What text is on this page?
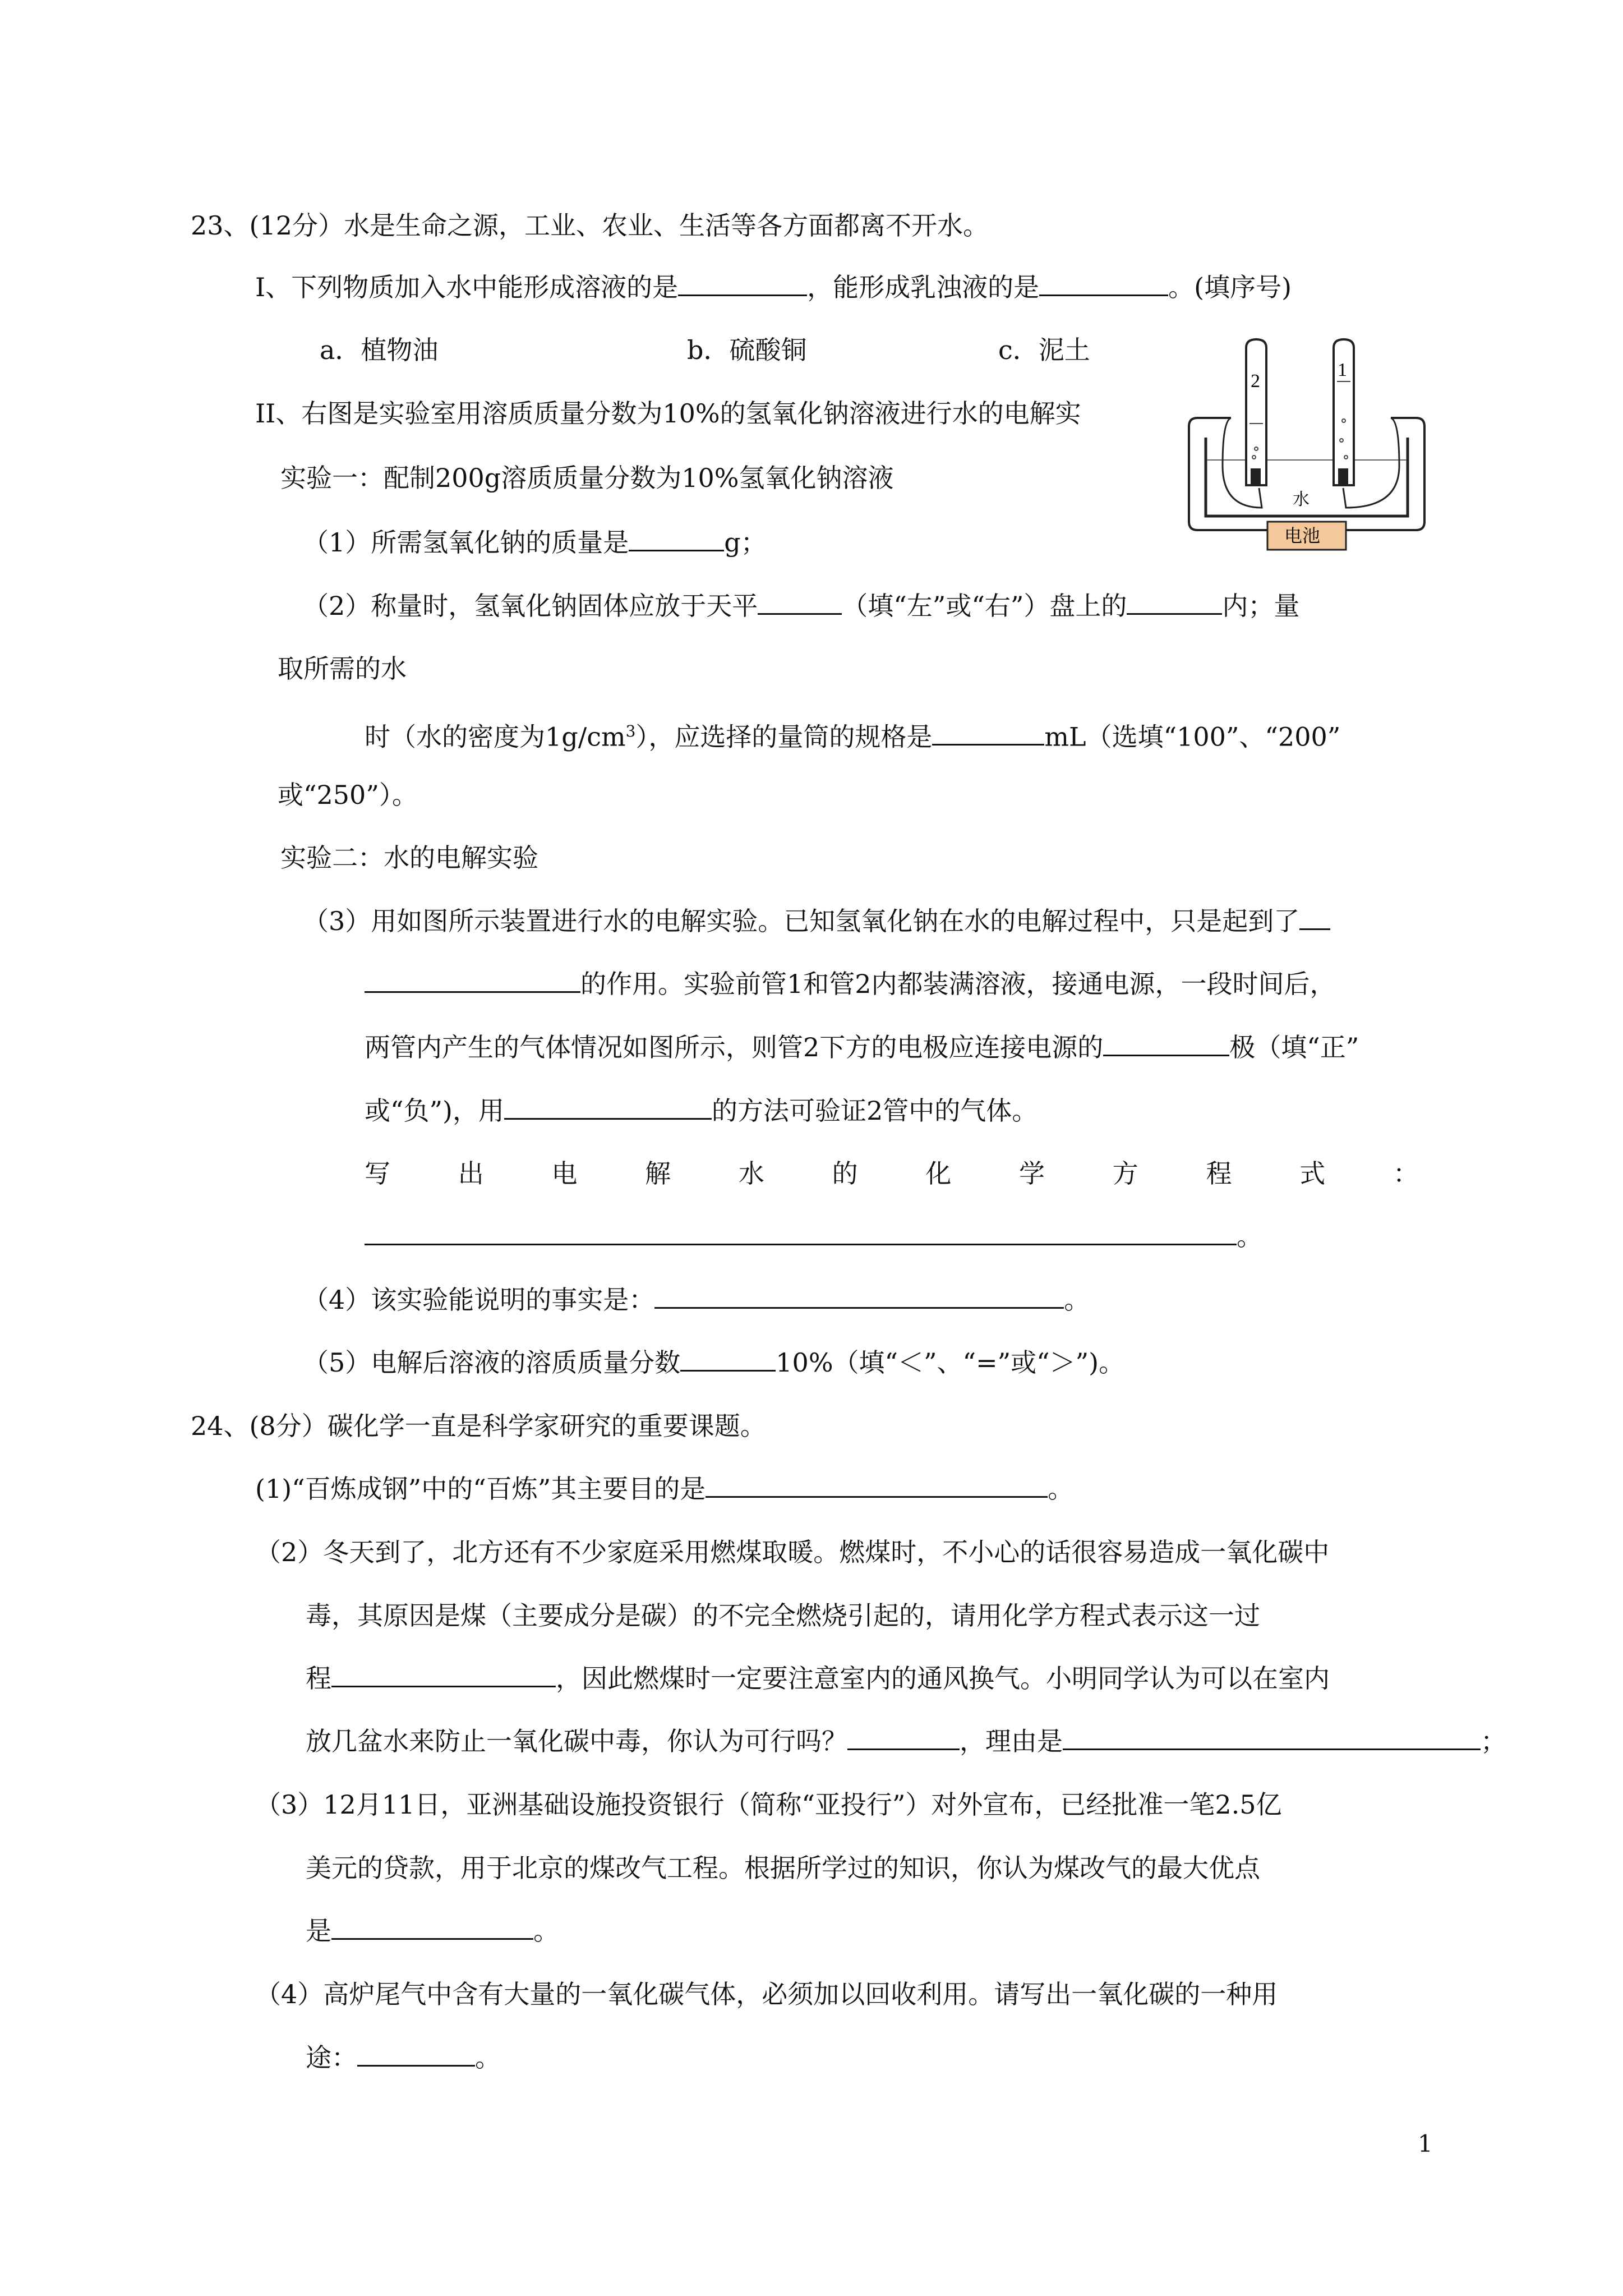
23、(12分）水是生命之源，工业、农业、生活等各方面都离不开水。
I、下列物质加入水中能形成溶液的是	，能形成乳浊液的是	。(填序号)
a．植物油	b．硫酸铜	c．泥土
II、右图是实验室用溶质质量分数为10%的氢氧化钠溶液进行水的电解实
实验一：配制200g溶质质量分数为10%氢氧化钠溶液
（1）所需氢氧化钠的质量是	g；
（2）称量时，氢氧化钠固体应放于天平	（填“左”或“右”）盘上的	内；量
取所需的水
时（水的密度为$1g/cm^3$），应选择的量筒的规格是	mL（选填“100”、“200”
或“250”）。
实验二：水的电解实验
（3）用如图所示装置进行水的电解实验。已知氢氧化钠在水的电解过程中，只是起到了
的作用。实验前管1和管2内都装满溶液，接通电源，一段时间后，
两管内产生的气体情况如图所示，则管2下方的电极应连接电源的	极（填“正”
或“负”)，用	的方法可验证2管中的气体。
写	出	电	解	水	的	化	学	方	程	式	：
。
（4）该实验能说明的事实是：	。
（5）电解后溶液的溶质质量分数	10%（填“＜”、“=”或“＞”)。
24、(8分）碳化学一直是科学家研究的重要课题。
(1)“百炼成钢”中的“百炼”其主要目的是	。
（2）冬天到了，北方还有不少家庭采用燃煤取暖。燃煤时，不小心的话很容易造成一氧化碳中
毒，其原因是煤（主要成分是碳）的不完全燃烧引起的，请用化学方程式表示这一过
程	，因此燃煤时一定要注意室内的通风换气。小明同学认为可以在室内
放几盆水来防止一氧化碳中毒，你认为可行吗？	，理由是	；
（3）12月11日，亚洲基础设施投资银行（简称“亚投行”）对外宣布，已经批准一笔2.5亿
美元的贷款，用于北京的煤改气工程。根据所学过的知识，你认为煤改气的最大优点
是	。
（4）高炉尾气中含有大量的一氧化碳气体，必须加以回收利用。请写出一氧化碳的一种用
途：	。
1
2
1
水
电池
